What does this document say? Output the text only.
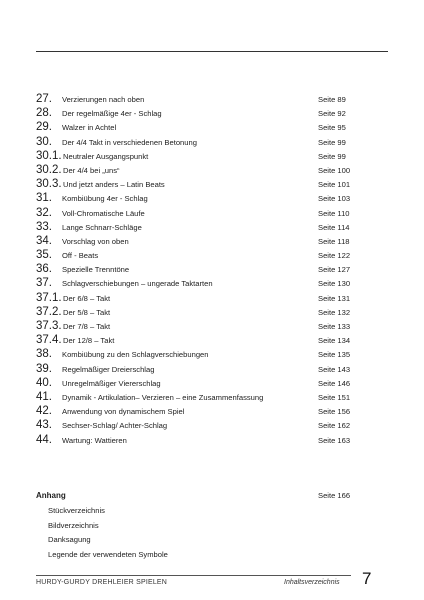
27. Verzierungen nach oben	Seite 89
28. Der regelmäßige 4er - Schlag	Seite 92
29. Walzer in Achtel	Seite 95
30. Der 4/4 Takt in verschiedenen Betonung	Seite 99
30.1. Neutraler Ausgangspunkt	Seite 99
30.2. Der 4/4 bei „uns“	Seite 100
30.3. Und jetzt anders – Latin Beats	Seite 101
31. Kombiübung 4er - Schlag	Seite 103
32. Voll-Chromatische Läufe	Seite 110
33. Lange Schnarr-Schläge	Seite 114
34. Vorschlag von oben	Seite 118
35. Off - Beats	Seite 122
36. Spezielle Trenntöne	Seite 127
37. Schlagverschiebungen – ungerade Taktarten	Seite 130
37.1. Der 6/8 – Takt	Seite 131
37.2. Der 5/8 – Takt	Seite 132
37.3. Der 7/8 – Takt	Seite 133
37.4. Der 12/8 – Takt	Seite 134
38. Kombiübung zu den Schlagverschiebungen	Seite 135
39. Regelmäßiger Dreierschlag	Seite 143
40. Unregelmäßiger Viererschlag	Seite 146
41. Dynamik - Artikulation– Verzieren – eine Zusammenfassung	Seite 151
42. Anwendung von dynamischem Spiel	Seite 156
43. Sechser-Schlag/ Achter-Schlag	Seite 162
44. Wartung: Wattieren	Seite 163
Anhang	Seite 166
Stückverzeichnis
Bildverzeichnis
Danksagung
Legende der verwendeten Symbole
HURDY-GURDY DREHLEIER SPIELEN	Inhaltsverzeichnis 7
